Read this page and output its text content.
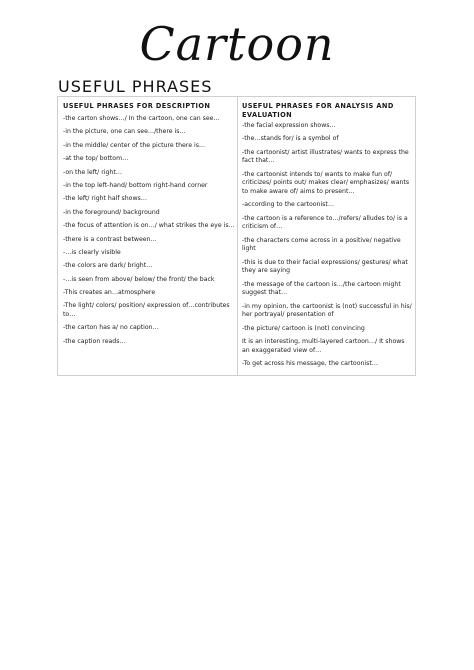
Cartoon
USEFUL PHRASES
USEFUL PHRASES FOR DESCRIPTION
-the carton shows…/ In the cartoon, one can see…
-in the picture, one can see…/there is…
-in the middle/ center of the picture there is…
-at the top/ bottom…
-on the left/ right…
-in the top left-hand/ bottom right-hand corner
-the left/ right half shows…
-in the foreground/ background
-the focus of attention is on…/ what strikes the eye is…
-there is a contrast between…
-…is clearly visible
-the colors are dark/ bright…
-…is seen from above/ below/ the front/ the back
-This creates an…atmosphere
-The light/ colors/ position/ expression of…contributes to…
-the carton has a/ no caption…
-the caption reads…
USEFUL PHRASES FOR ANALYSIS AND EVALUATION
-the facial expression shows…
-the…stands for/ is a symbol of
-the cartoonist/ artist illustrates/ wants to express the fact that…
-the cartoonist intends to/ wants to make fun of/ criticizes/ points out/ makes clear/ emphasizes/ wants to make aware of/ aims to present…
-according to the cartoonist…
-the cartoon is a reference to…/refers/ alludes to/ is a criticism of…
-the characters come across in a positive/ negative light
-this is due to their facial expressions/ gestures/ what they are saying
-the message of the cartoon is…/the cartoon might suggest that…
-in my opinion, the cartoonist is (not) successful in his/ her portrayal/ presentation of
-the picture/ cartoon is (not) convincing
It is an interesting, multi-layered cartoon…/ It shows an exaggerated view of…
-To get across his message, the cartoonist…
